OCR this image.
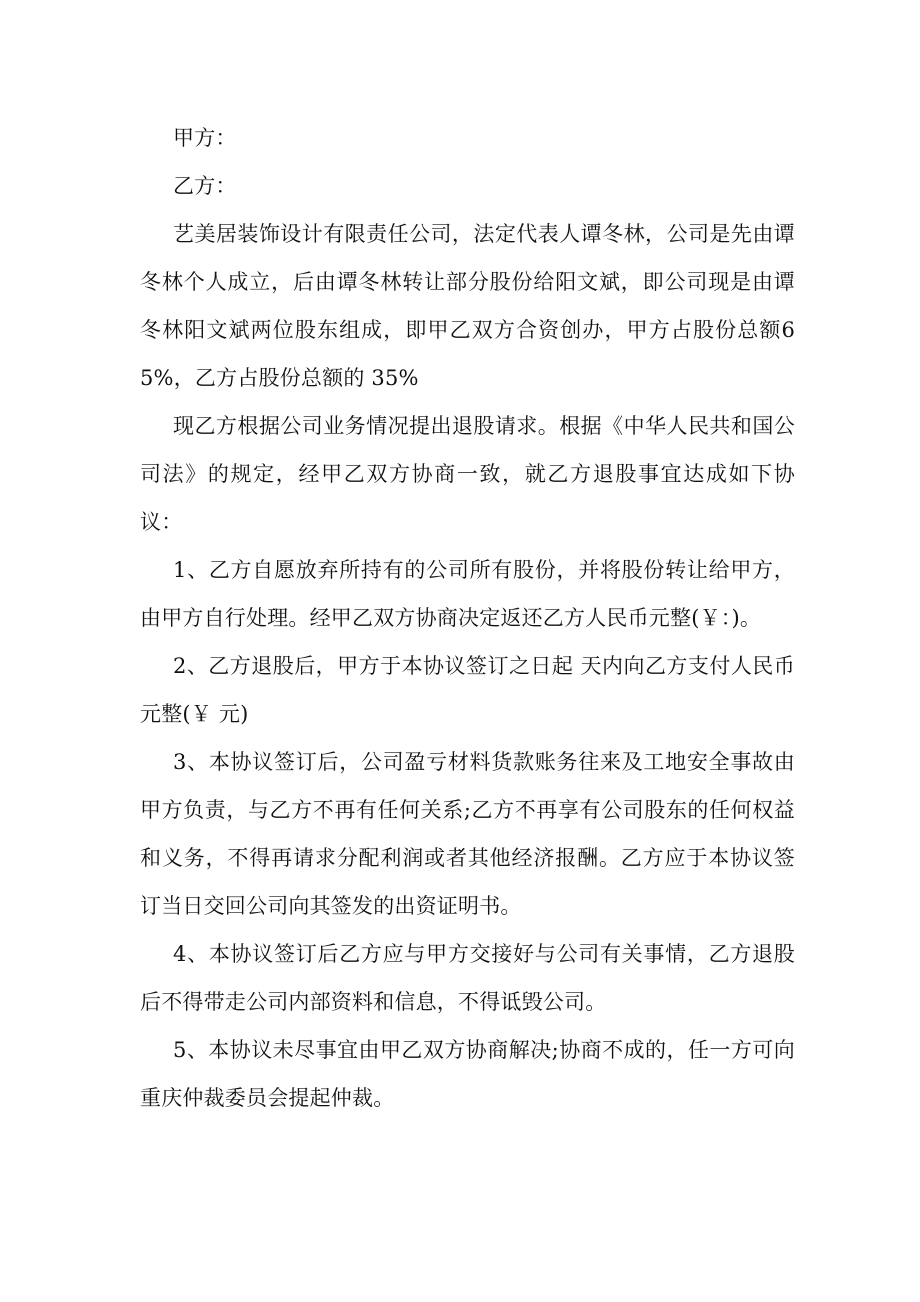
甲方：

乙方：

艺美居装饰设计有限责任公司，法定代表人谭冬林，公司是先由谭冬林个人成立，后由谭冬林转让部分股份给阳文斌，即公司现是由谭冬林阳文斌两位股东组成，即甲乙双方合资创办，甲方占股份总额65%，乙方占股份总额的 35%

现乙方根据公司业务情况提出退股请求。根据《中华人民共和国公司法》的规定，经甲乙双方协商一致，就乙方退股事宜达成如下协议：

1、乙方自愿放弃所持有的公司所有股份，并将股份转让给甲方，由甲方自行处理。经甲乙双方协商决定返还乙方人民币元整(￥：)。

2、乙方退股后，甲方于本协议签订之日起 天内向乙方支付人民币 元整(￥ 元)

3、本协议签订后，公司盈亏材料货款账务往来及工地安全事故由甲方负责，与乙方不再有任何关系;乙方不再享有公司股东的任何权益和义务，不得再请求分配利润或者其他经济报酬。乙方应于本协议签订当日交回公司向其签发的出资证明书。

4、本协议签订后乙方应与甲方交接好与公司有关事情，乙方退股后不得带走公司内部资料和信息，不得诋毁公司。

5、本协议未尽事宜由甲乙双方协商解决;协商不成的，任一方可向重庆仲裁委员会提起仲裁。
